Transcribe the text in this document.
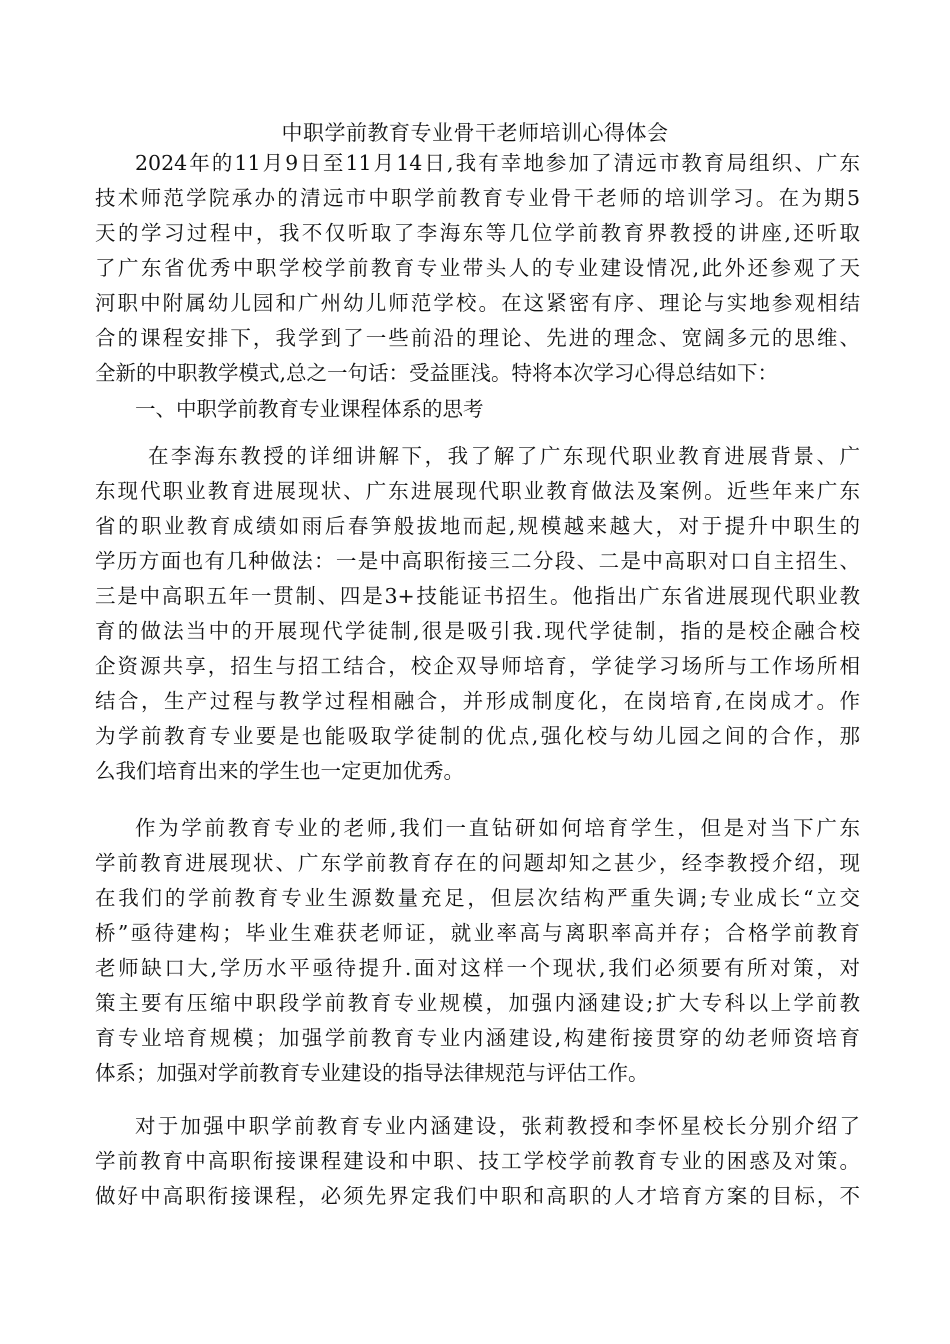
中职学前教育专业骨干老师培训心得体会

2024年的11月9日至11月14日,我有幸地参加了清远市教育局组织、广东

技术师范学院承办的清远市中职学前教育专业骨干老师的培训学习。在为期5

天的学习过程中，我不仅听取了李海东等几位学前教育界教授的讲座,还听取

了广东省优秀中职学校学前教育专业带头人的专业建设情况,此外还参观了天

河职中附属幼儿园和广州幼儿师范学校。在这紧密有序、理论与实地参观相结

合的课程安排下，我学到了一些前沿的理论、先进的理念、宽阔多元的思维、

全新的中职教学模式,总之一句话：受益匪浅。特将本次学习心得总结如下：

一、中职学前教育专业课程体系的思考

在李海东教授的详细讲解下，我了解了广东现代职业教育进展背景、广

东现代职业教育进展现状、广东进展现代职业教育做法及案例。近些年来广东

省的职业教育成绩如雨后春笋般拔地而起,规模越来越大，对于提升中职生的

学历方面也有几种做法：一是中高职衔接三二分段、二是中高职对口自主招生、

三是中高职五年一贯制、四是3+技能证书招生。他指出广东省进展现代职业教

育的做法当中的开展现代学徒制,很是吸引我.现代学徒制，指的是校企融合校

企资源共享，招生与招工结合，校企双导师培育，学徒学习场所与工作场所相

结合，生产过程与教学过程相融合，并形成制度化，在岗培育,在岗成才。作

为学前教育专业要是也能吸取学徒制的优点,强化校与幼儿园之间的合作，那

么我们培育出来的学生也一定更加优秀。

作为学前教育专业的老师,我们一直钻研如何培育学生，但是对当下广东

学前教育进展现状、广东学前教育存在的问题却知之甚少，经李教授介绍，现

在我们的学前教育专业生源数量充足，但层次结构严重失调;专业成长“立交

桥”亟待建构；毕业生难获老师证，就业率高与离职率高并存；合格学前教育

老师缺口大,学历水平亟待提升.面对这样一个现状,我们必须要有所对策，对

策主要有压缩中职段学前教育专业规模，加强内涵建设;扩大专科以上学前教

育专业培育规模；加强学前教育专业内涵建设,构建衔接贯穿的幼老师资培育

体系；加强对学前教育专业建设的指导法律规范与评估工作。

对于加强中职学前教育专业内涵建设，张莉教授和李怀星校长分别介绍了

学前教育中高职衔接课程建设和中职、技工学校学前教育专业的困惑及对策。

做好中高职衔接课程，必须先界定我们中职和高职的人才培育方案的目标，不
